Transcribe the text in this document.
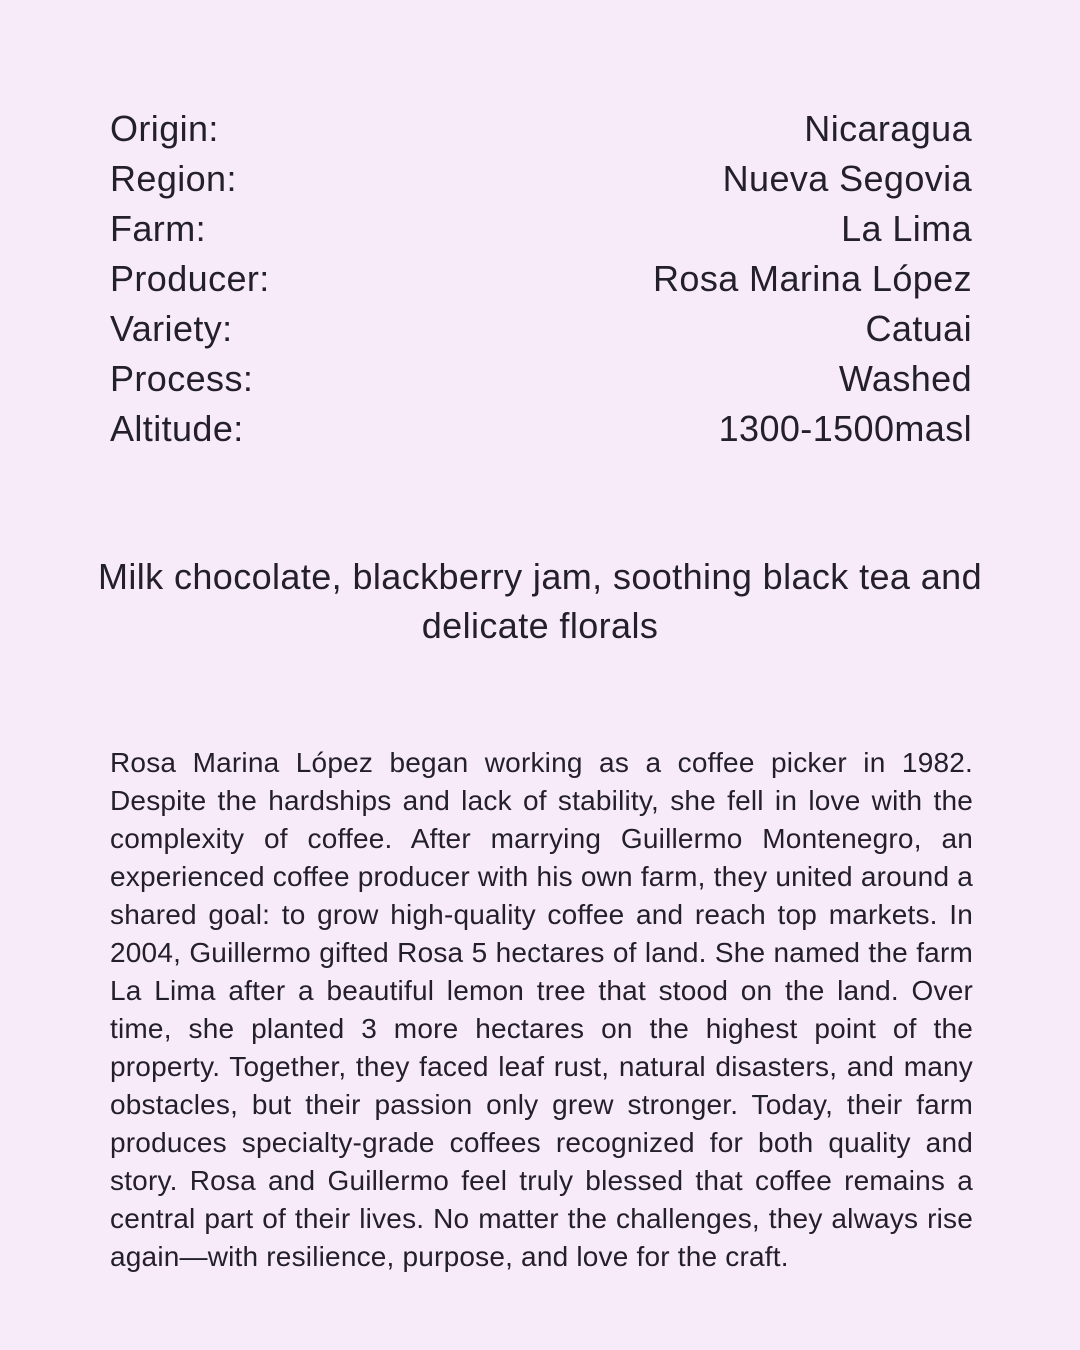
Origin:	Nicaragua
Region:	Nueva Segovia
Farm:	La Lima
Producer:	Rosa Marina López
Variety:	Catuai
Process:	Washed
Altitude:	1300-1500masl
Milk chocolate, blackberry jam, soothing black tea and delicate florals
Rosa Marina López began working as a coffee picker in 1982. Despite the hardships and lack of stability, she fell in love with the complexity of coffee. After marrying Guillermo Montenegro, an experienced coffee producer with his own farm, they united around a shared goal: to grow high-quality coffee and reach top markets. In 2004, Guillermo gifted Rosa 5 hectares of land. She named the farm La Lima after a beautiful lemon tree that stood on the land. Over time, she planted 3 more hectares on the highest point of the property. Together, they faced leaf rust, natural disasters, and many obstacles, but their passion only grew stronger. Today, their farm produces specialty-grade coffees recognized for both quality and story. Rosa and Guillermo feel truly blessed that coffee remains a central part of their lives. No matter the challenges, they always rise again—with resilience, purpose, and love for the craft.
